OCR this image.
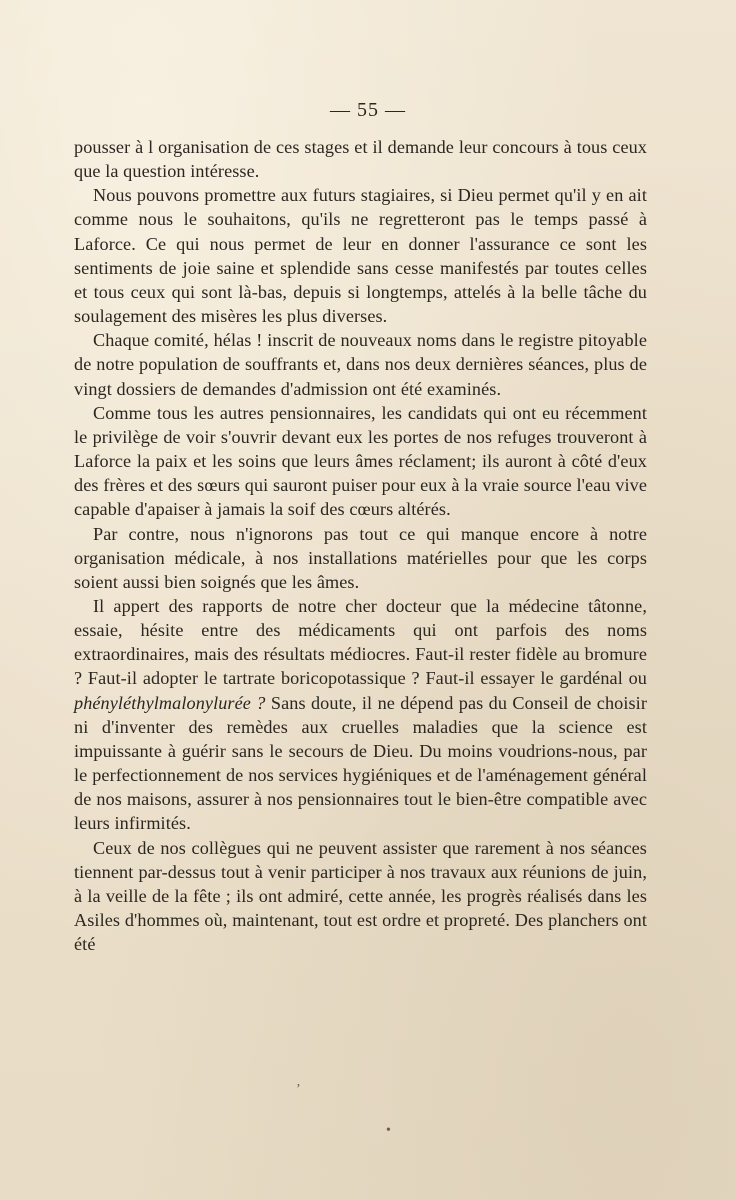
— 55 —

pousser à l organisation de ces stages et il demande leur concours à tous ceux que la question intéresse.

Nous pouvons promettre aux futurs stagiaires, si Dieu permet qu'il y en ait comme nous le souhaitons, qu'ils ne regretteront pas le temps passé à Laforce. Ce qui nous permet de leur en donner l'assurance ce sont les sentiments de joie saine et splendide sans cesse manifestés par toutes celles et tous ceux qui sont là-bas, depuis si longtemps, attelés à la belle tâche du soulagement des misères les plus diverses.

Chaque comité, hélas ! inscrit de nouveaux noms dans le registre pitoyable de notre population de souffrants et, dans nos deux dernières séances, plus de vingt dossiers de demandes d'admission ont été examinés.

Comme tous les autres pensionnaires, les candidats qui ont eu récemment le privilège de voir s'ouvrir devant eux les portes de nos refuges trouveront à Laforce la paix et les soins que leurs âmes réclament; ils auront à côté d'eux des frères et des sœurs qui sauront puiser pour eux à la vraie source l'eau vive capable d'apaiser à jamais la soif des cœurs altérés.

Par contre, nous n'ignorons pas tout ce qui manque encore à notre organisation médicale, à nos installations matérielles pour que les corps soient aussi bien soignés que les âmes.

Il appert des rapports de notre cher docteur que la médecine tâtonne, essaie, hésite entre des médicaments qui ont parfois des noms extraordinaires, mais des résultats médiocres. Faut-il rester fidèle au bromure ? Faut-il adopter le tartrate boricopotassique ? Faut-il essayer le gardénal ou phényléthylmalonylurée ? Sans doute, il ne dépend pas du Conseil de choisir ni d'inventer des remèdes aux cruelles maladies que la science est impuissante à guérir sans le secours de Dieu. Du moins voudrions-nous, par le perfectionnement de nos services hygiéniques et de l'aménagement général de nos maisons, assurer à nos pensionnaires tout le bien-être compatible avec leurs infirmités.

Ceux de nos collègues qui ne peuvent assister que rarement à nos séances tiennent par-dessus tout à venir participer à nos travaux aux réunions de juin, à la veille de la fête ; ils ont admiré, cette année, les progrès réalisés dans les Asiles d'hommes où, maintenant, tout est ordre et propreté. Des planchers ont été

ʼ
•
